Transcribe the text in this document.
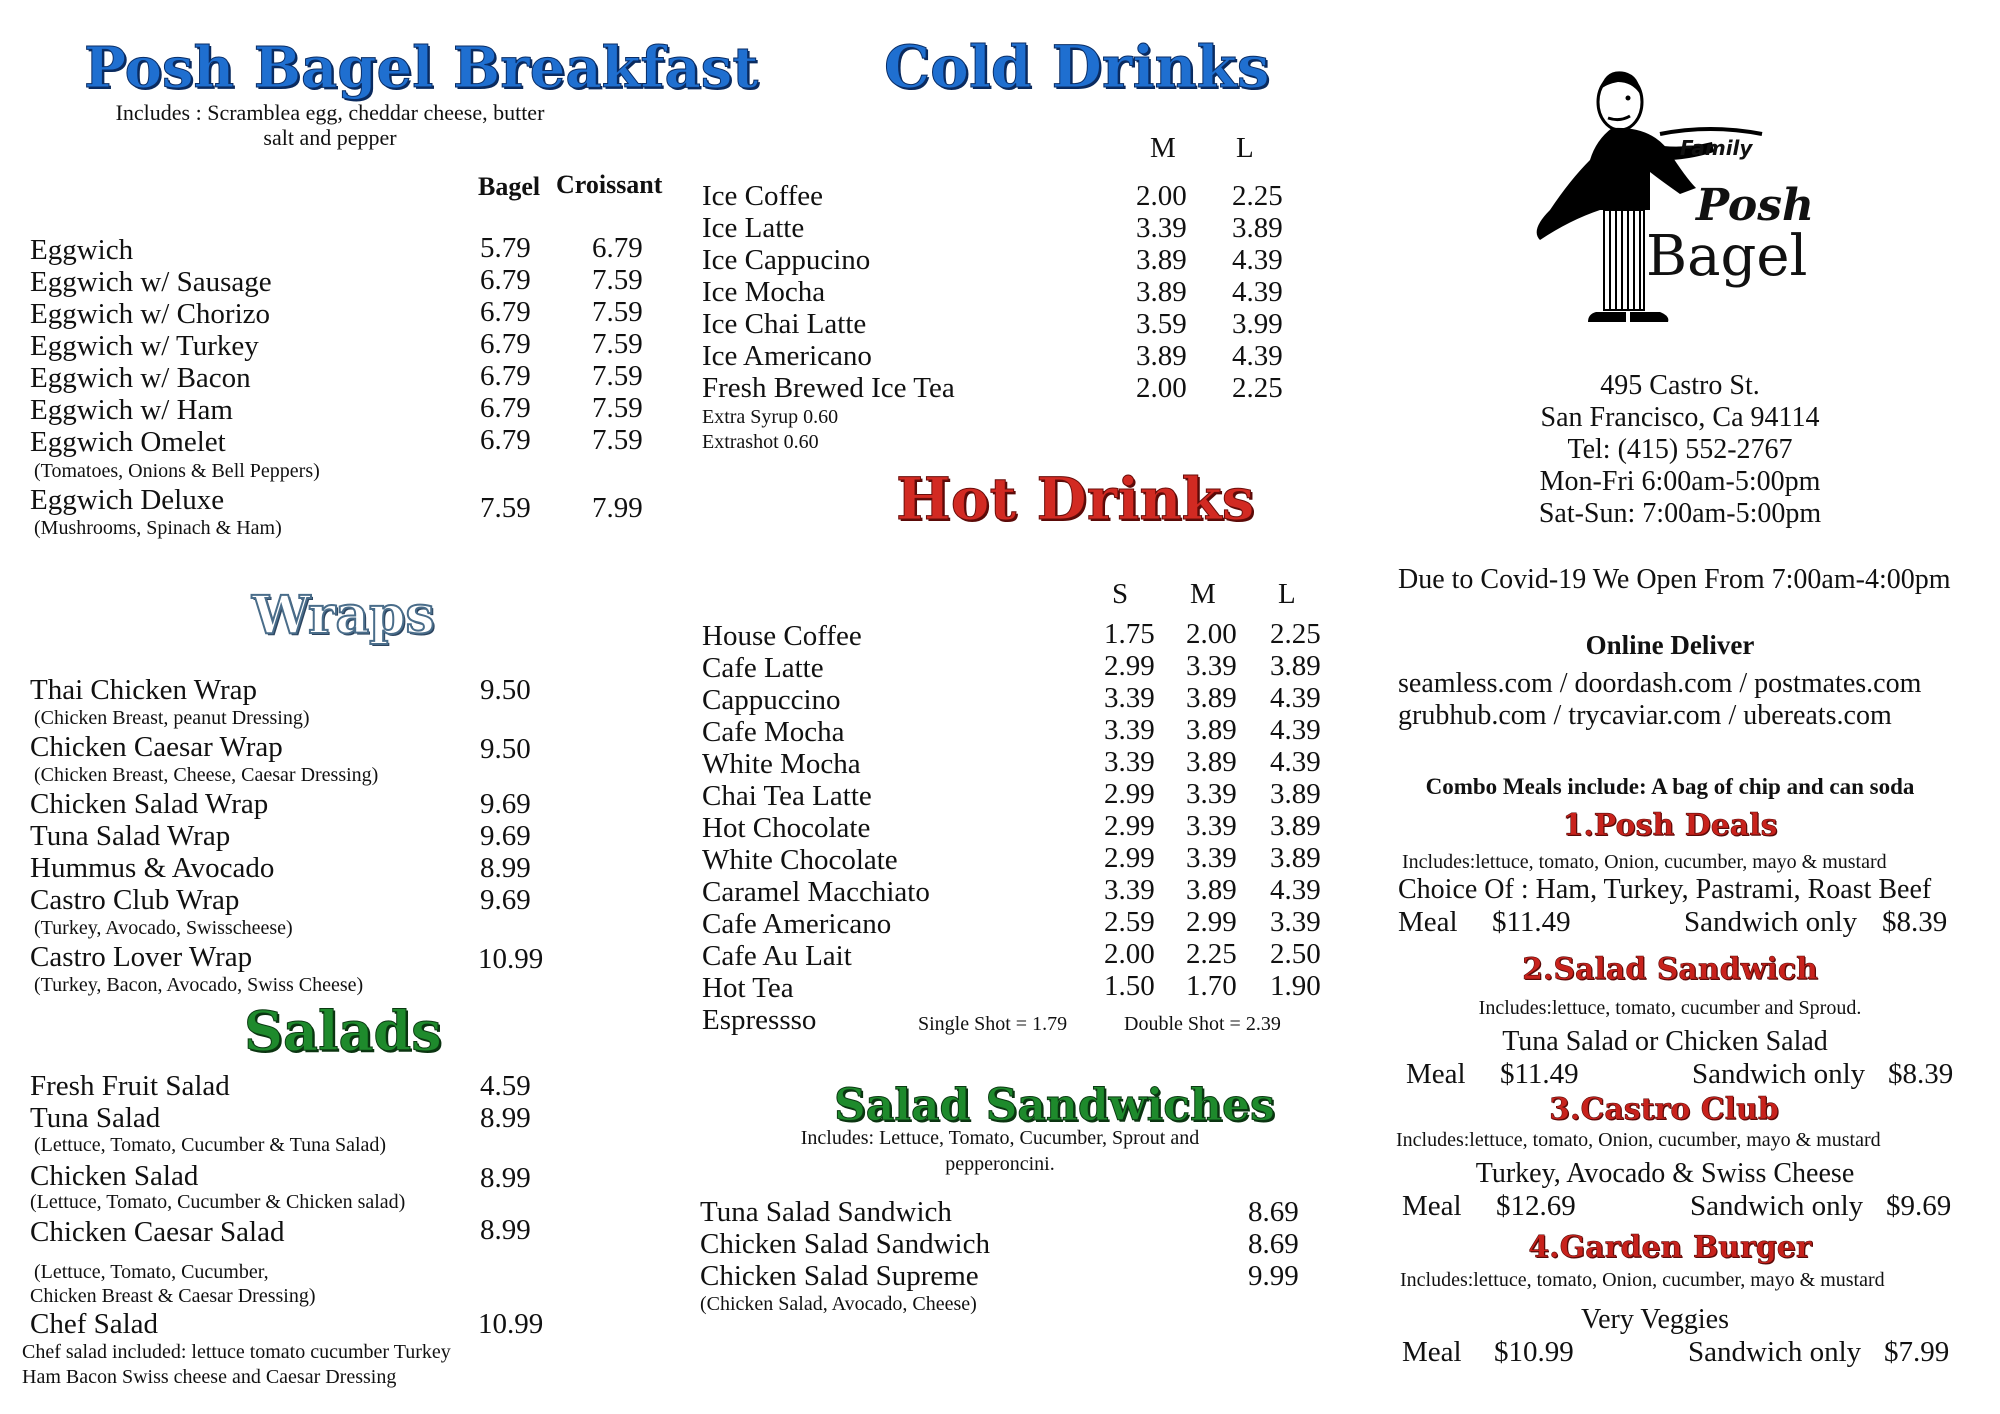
Posh Bagel Breakfast
Includes : Scramblea egg, cheddar cheese, butter
salt and pepper
Bagel Croissant
Eggwich	5.79 6.79
Eggwich w/ Sausage	6.79 7.59
Eggwich w/ Chorizo	6.79 7.59
Eggwich w/ Turkey	6.79 7.59
Eggwich w/ Bacon	6.79 7.59
Eggwich w/ Ham	6.79 7.59
Eggwich Omelet	6.79 7.59
(Tomatoes, Onions & Bell Peppers)
Eggwich Deluxe	7.59 7.99
(Mushrooms, Spinach & Ham)
Wraps
Thai Chicken Wrap	9.50
(Chicken Breast, peanut Dressing)
Chicken Caesar Wrap	9.50
(Chicken Breast, Cheese, Caesar Dressing)
Chicken Salad Wrap	9.69
Tuna Salad Wrap	9.69
Hummus & Avocado	8.99
Castro Club Wrap	9.69
(Turkey, Avocado, Swisscheese)
Castro Lover Wrap	10.99
(Turkey, Bacon, Avocado, Swiss Cheese)
Salads
Fresh Fruit Salad	4.59
Tuna Salad	8.99
(Lettuce, Tomato, Cucumber & Tuna Salad)
Chicken Salad	8.99
(Lettuce, Tomato, Cucumber & Chicken salad)
Chicken Caesar Salad	8.99
(Lettuce, Tomato, Cucumber,
Chicken Breast & Caesar Dressing)
Chef Salad	10.99
Chef salad included: lettuce tomato cucumber Turkey
Ham Bacon Swiss cheese and Caesar Dressing
Cold Drinks
M L
Ice Coffee	2.00 2.25
Ice Latte	3.39 3.89
Ice Cappucino	3.89 4.39
Ice Mocha	3.89 4.39
Ice Chai Latte	3.59 3.99
Ice Americano	3.89 4.39
Fresh Brewed Ice Tea	2.00 2.25
Extra Syrup 0.60
Extrashot 0.60
Hot Drinks
S M L
House Coffee	1.75 2.00 2.25
Cafe Latte	2.99 3.39 3.89
Cappuccino	3.39 3.89 4.39
Cafe Mocha	3.39 3.89 4.39
White Mocha	3.39 3.89 4.39
Chai Tea Latte	2.99 3.39 3.89
Hot Chocolate	2.99 3.39 3.89
White Chocolate	2.99 3.39 3.89
Caramel Macchiato	3.39 3.89 4.39
Cafe Americano	2.59 2.99 3.39
Cafe Au Lait	2.00 2.25 2.50
Hot Tea	1.50 1.70 1.90
Espressso	Single Shot = 1.79	Double Shot = 2.39
Salad Sandwiches
Includes: Lettuce, Tomato, Cucumber, Sprout and
pepperoncini.
Tuna Salad Sandwich	8.69
Chicken Salad Sandwich	8.69
Chicken Salad Supreme	9.99
(Chicken Salad, Avocado, Cheese)
Family
Posh
Bagel
495 Castro St.
San Francisco, Ca 94114
Tel: (415) 552-2767
Mon-Fri 6:00am-5:00pm
Sat-Sun: 7:00am-5:00pm
Due to Covid-19 We Open From 7:00am-4:00pm
Online Deliver
seamless.com / doordash.com / postmates.com
grubhub.com / trycaviar.com / ubereats.com
Combo Meals include: A bag of chip and can soda
1.Posh Deals
Includes:lettuce, tomato, Onion, cucumber, mayo & mustard
Choice Of : Ham, Turkey, Pastrami, Roast Beef
Meal $11.49	Sandwich only $8.39
2.Salad Sandwich
Includes:lettuce, tomato, cucumber and Sproud.
Tuna Salad or Chicken Salad
Meal $11.49	Sandwich only $8.39
3.Castro Club
Includes:lettuce, tomato, Onion, cucumber, mayo & mustard
Turkey, Avocado & Swiss Cheese
Meal $12.69	Sandwich only $9.69
4.Garden Burger
Includes:lettuce, tomato, Onion, cucumber, mayo & mustard
Very Veggies
Meal $10.99	Sandwich only $7.99
